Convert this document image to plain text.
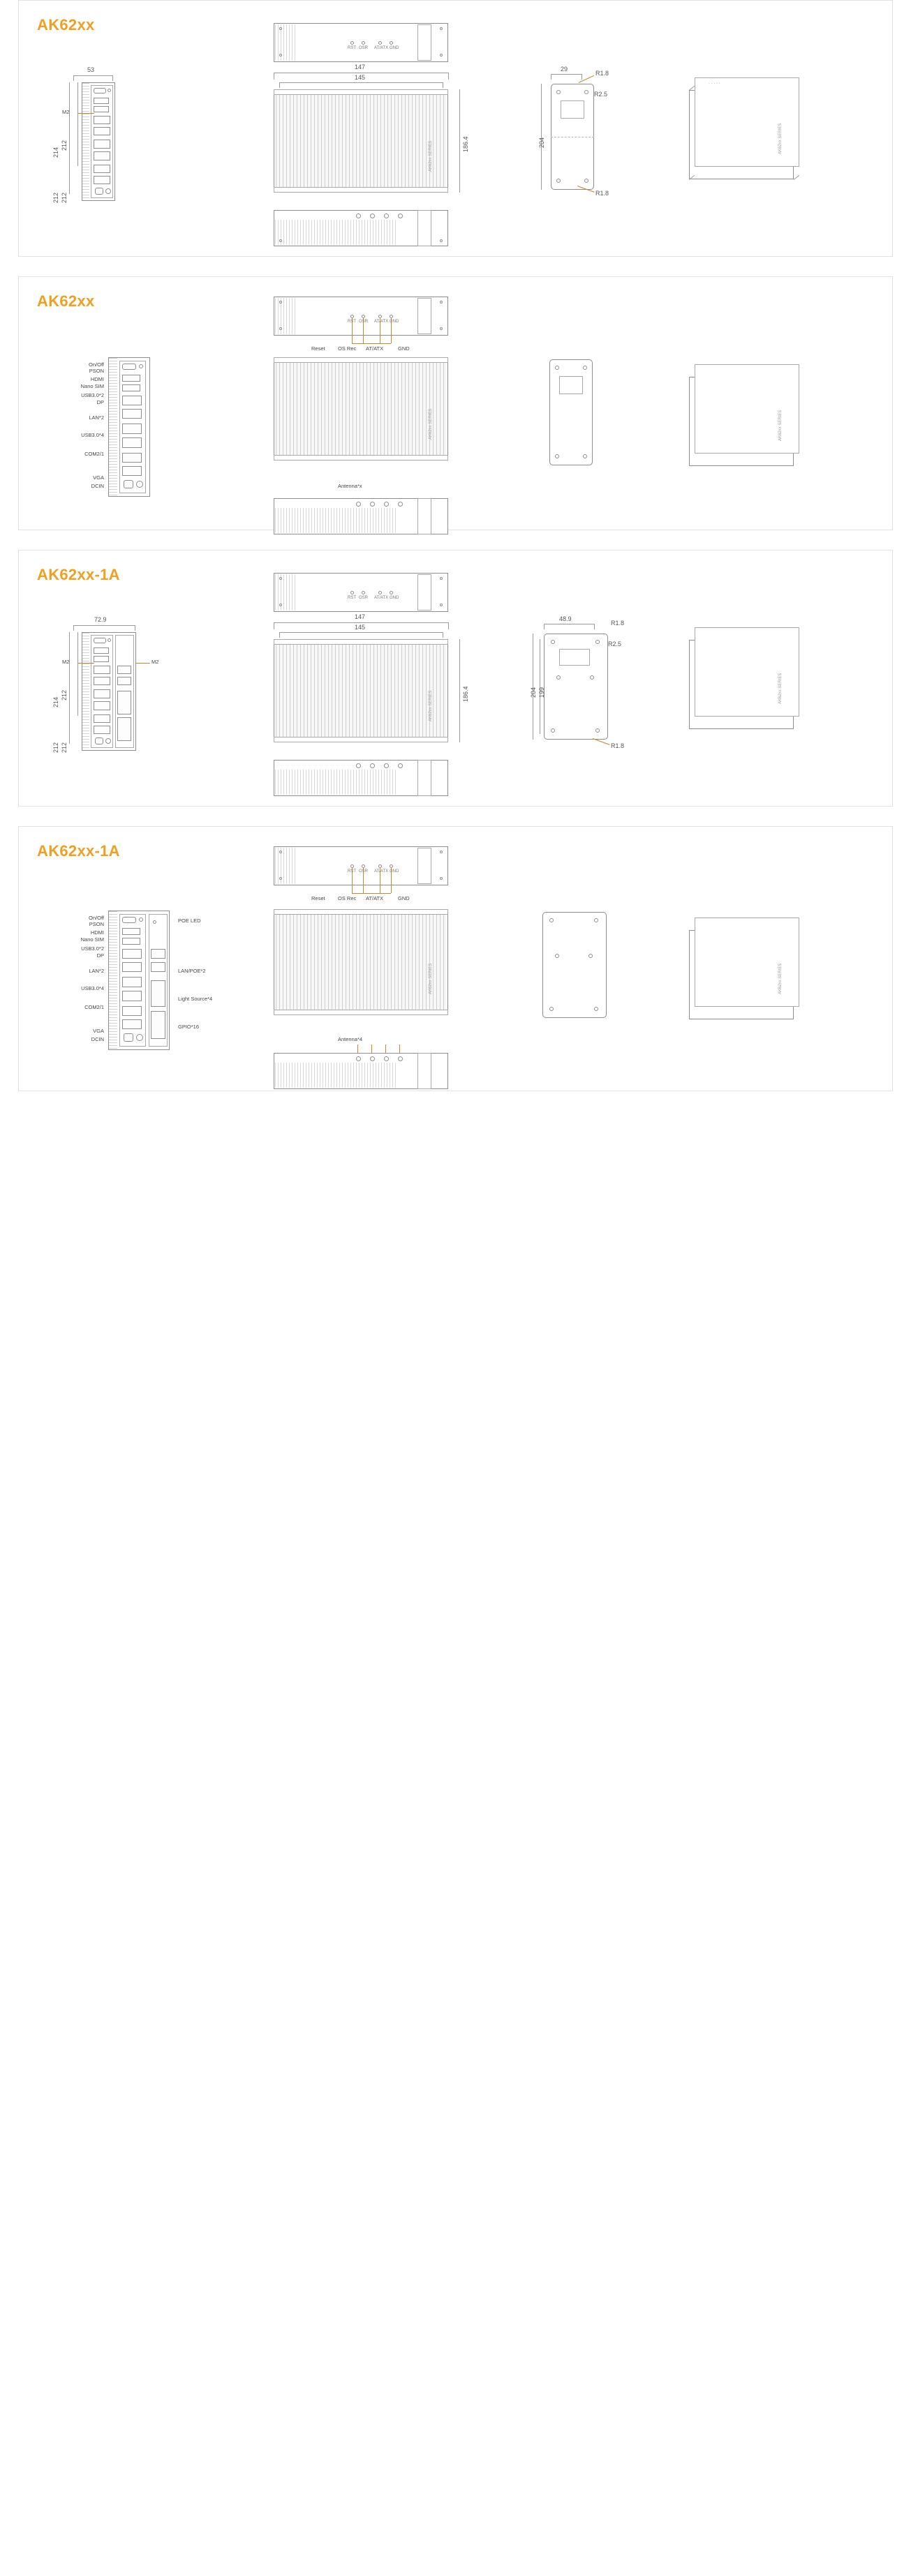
AK62xx
53
214
212
212 212
M2
RST OSR AT/ATX GND
147
145
AK62xx SERIES	186.4
29
204
R1.8
R2.5
R1.8
AK62xx SERIES
· · · · ·
AK62xx
RST OSR AT/ATX GND
Reset OS Rec AT/ATX	GND
On/Off
PSON
HDMI
Nano SIM
USB3.0*2
DP
LAN*2
USB3.0*4
COM2/1
VGA
DCIN
AK62xx SERIES
Antenna*x
AK62xx SERIES
AK62xx-1A
72.9
214
212
212 212
M2	M2
RST OSR AT/ATX GND
147
145
AK62xx SERIES	186.4
48.9
204 199
R1.8
R2.5
R1.8
AK62xx SERIES
AK62xx-1A
RST OSR AT/ATX GND
Reset OS Rec AT/ATX	GND
On/Off
PSON
HDMI
Nano SIM
USB3.0*2
DP
LAN*2
USB3.0*4
COM2/1
VGA
DCIN
POE LED
LAN/POE*2
Light Source*4
GPIO*16
AK62xx SERIES
Antenna*4
AK62xx SERIES
